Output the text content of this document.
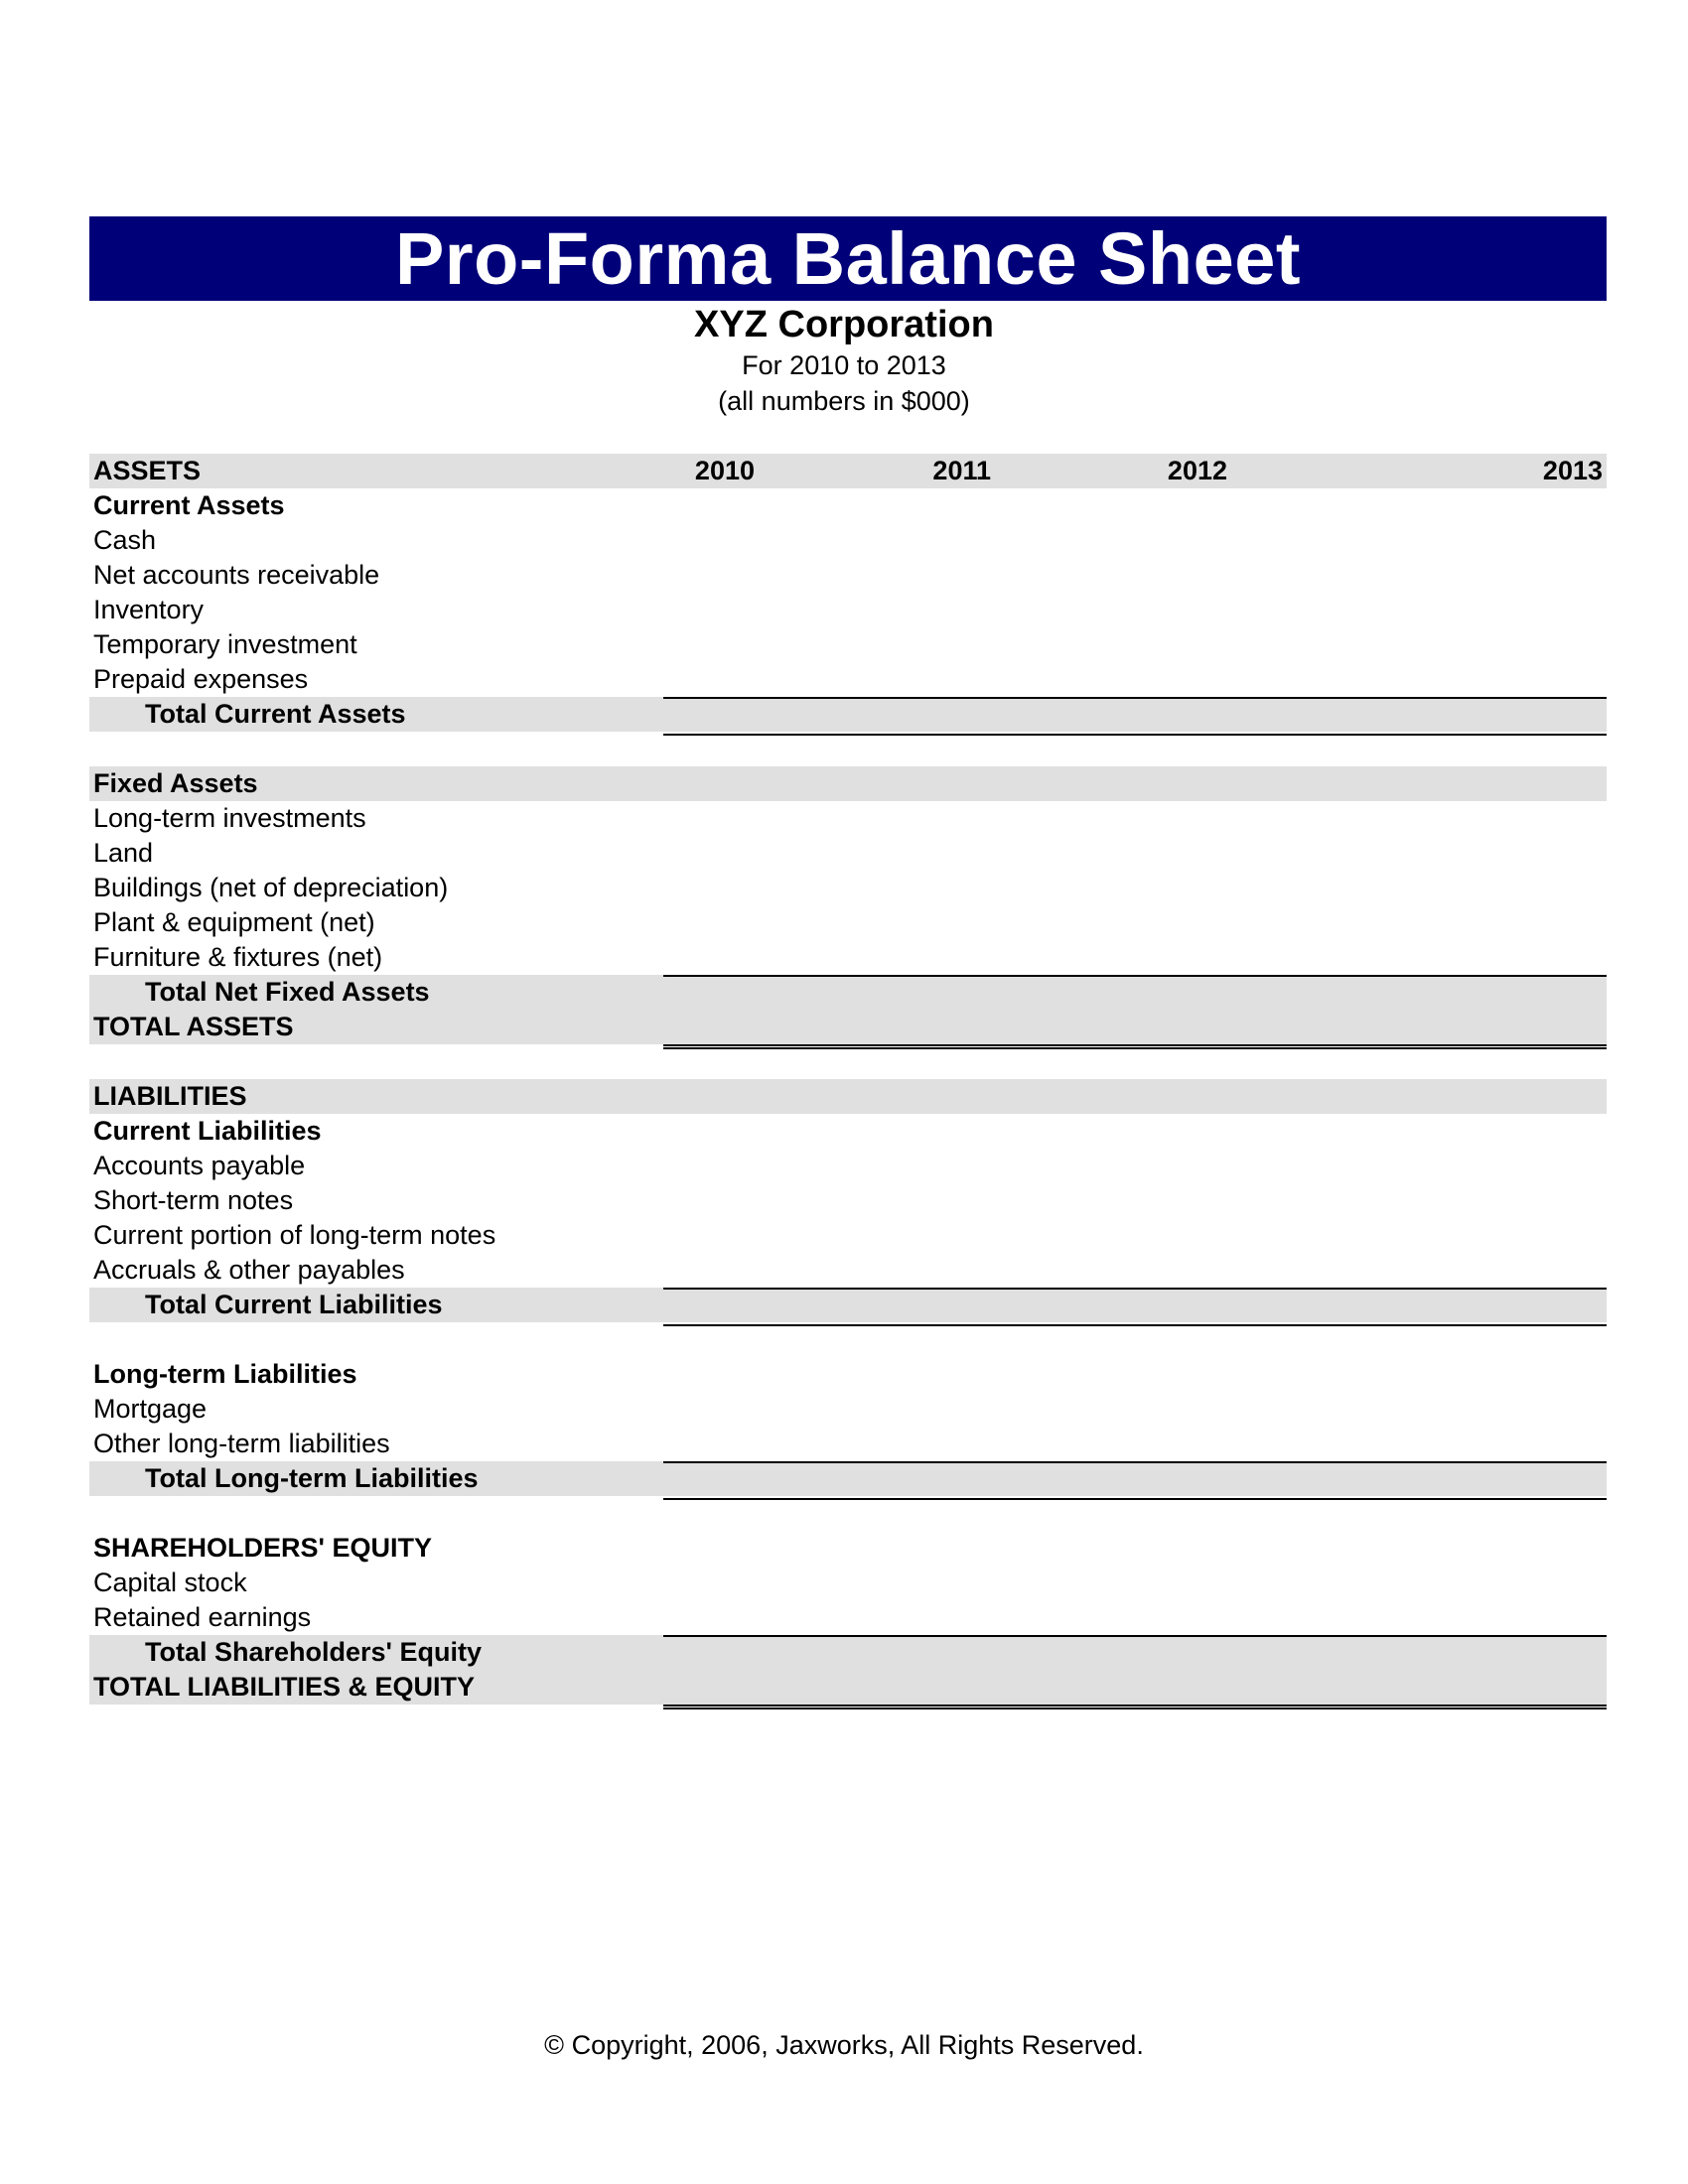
Pro-Forma Balance Sheet
XYZ Corporation
For 2010 to 2013
(all numbers in $000)
ASSETS	2010	2011	2012	2013
Current Assets
Cash
Net accounts receivable
Inventory
Temporary investment
Prepaid expenses
Total Current Assets
Fixed Assets
Long-term investments
Land
Buildings (net of depreciation)
Plant & equipment (net)
Furniture & fixtures (net)
Total Net Fixed Assets
TOTAL ASSETS
LIABILITIES
Current Liabilities
Accounts payable
Short-term notes
Current portion of long-term notes
Accruals & other payables
Total Current Liabilities
Long-term Liabilities
Mortgage
Other long-term liabilities
Total Long-term Liabilities
SHAREHOLDERS' EQUITY
Capital stock
Retained earnings
Total Shareholders' Equity
TOTAL LIABILITIES & EQUITY
© Copyright, 2006, Jaxworks, All Rights Reserved.
